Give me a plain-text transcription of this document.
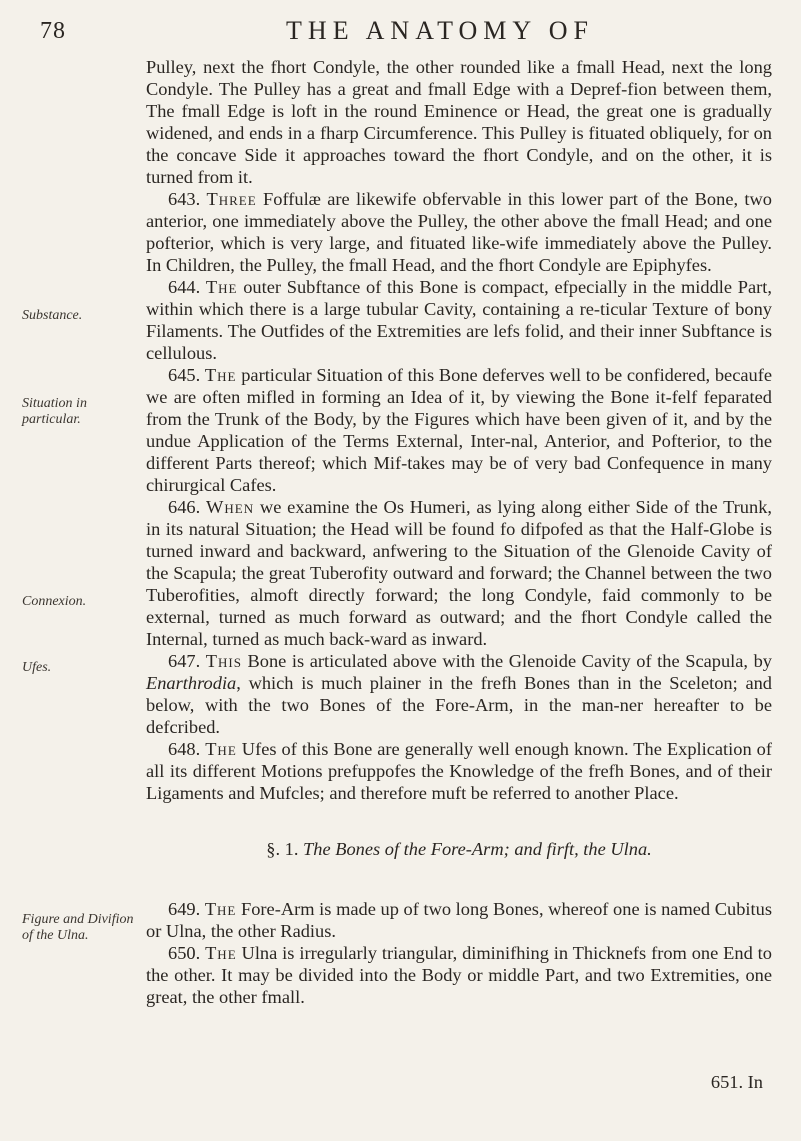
78	THE ANATOMY OF
Substance.
Situation in particular.
Connexion.
Ufes.
Figure and Divifion of the Ulna.

Pulley, next the fhort Condyle, the other rounded like a fmall Head, next the long Condyle. The Pulley has a great and fmall Edge with a Depref-fion between them, The fmall Edge is loft in the round Eminence or Head, the great one is gradually widened, and ends in a fharp Circumference. This Pulley is fituated obliquely, for on the concave Side it approaches toward the fhort Condyle, and on the other, it is turned from it.

643. Three Foffulæ are likewife obfervable in this lower part of the Bone, two anterior, one immediately above the Pulley, the other above the fmall Head; and one pofterior, which is very large, and fituated like-wife immediately above the Pulley. In Children, the Pulley, the fmall Head, and the fhort Condyle are Epiphyfes.

644. The outer Subftance of this Bone is compact, efpecially in the middle Part, within which there is a large tubular Cavity, containing a re-ticular Texture of bony Filaments. The Outfides of the Extremities are lefs folid, and their inner Subftance is cellulous.

645. The particular Situation of this Bone deferves well to be confidered, becaufe we are often mifled in forming an Idea of it, by viewing the Bone it-felf feparated from the Trunk of the Body, by the Figures which have been given of it, and by the undue Application of the Terms External, Inter-nal, Anterior, and Pofterior, to the different Parts thereof; which Mif-takes may be of very bad Confequence in many chirurgical Cafes.

646. When we examine the Os Humeri, as lying along either Side of the Trunk, in its natural Situation; the Head will be found fo difpofed as that the Half-Globe is turned inward and backward, anfwering to the Situation of the Glenoide Cavity of the Scapula; the great Tuberofity outward and forward; the Channel between the two Tuberofities, almoft directly forward; the long Condyle, faid commonly to be external, turned as much forward as outward; and the fhort Condyle called the Internal, turned as much back-ward as inward.

647. This Bone is articulated above with the Glenoide Cavity of the Scapula, by Enarthrodia, which is much plainer in the frefh Bones than in the Sceleton; and below, with the two Bones of the Fore-Arm, in the man-ner hereafter to be defcribed.

648. The Ufes of this Bone are generally well enough known. The Explication of all its different Motions prefuppofes the Knowledge of the frefh Bones, and of their Ligaments and Mufcles; and therefore muft be referred to another Place.

§. 1. The Bones of the Fore-Arm; and firft, the Ulna.

649. The Fore-Arm is made up of two long Bones, whereof one is named Cubitus or Ulna, the other Radius.

650. The Ulna is irregularly triangular, diminifhing in Thicknefs from one End to the other. It may be divided into the Body or middle Part, and two Extremities, one great, the other fmall.

651. In
